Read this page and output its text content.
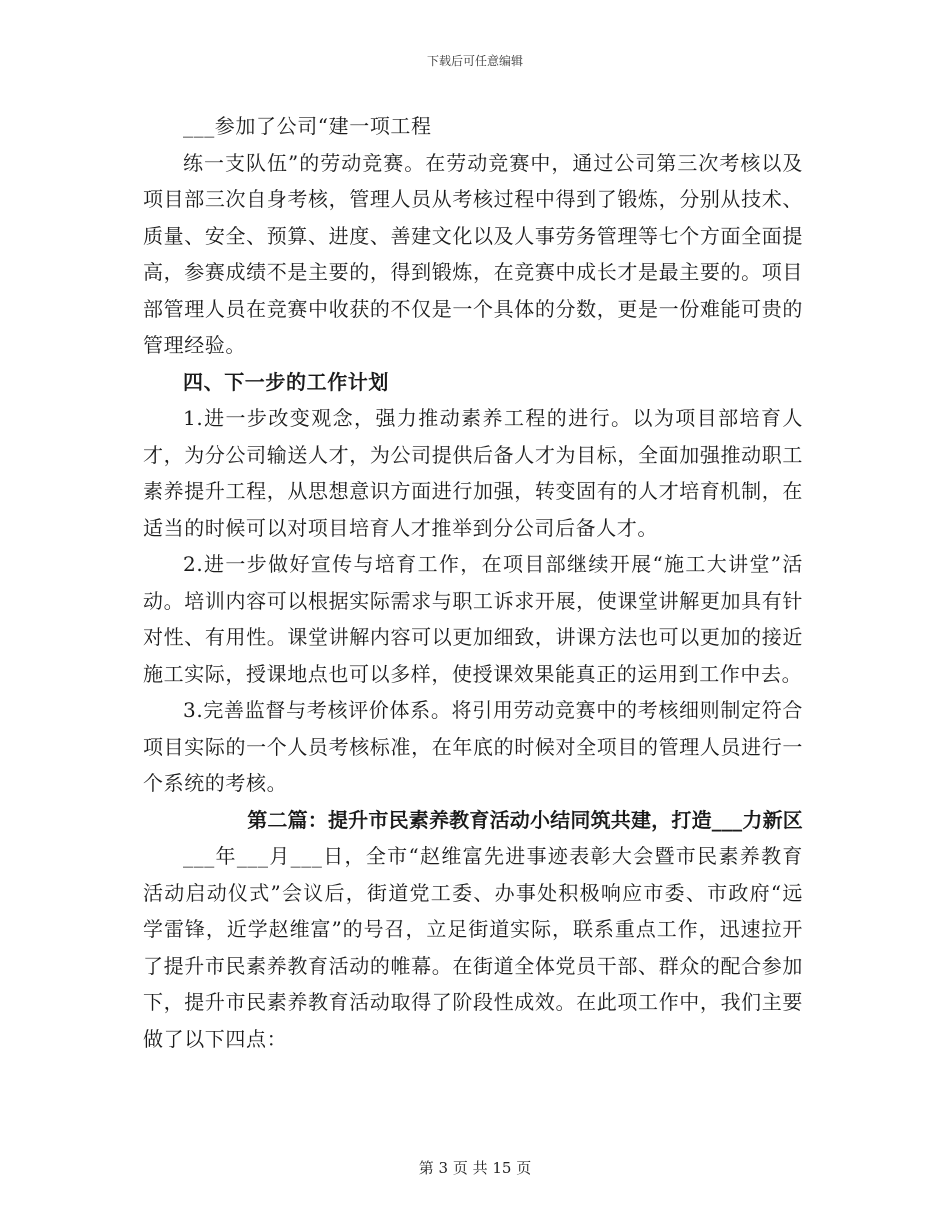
下载后可任意编辑

___参加了公司“建一项工程

练一支队伍”的劳动竞赛。在劳动竞赛中，通过公司第三次考核以及项目部三次自身考核，管理人员从考核过程中得到了锻炼，分别从技术、质量、安全、预算、进度、善建文化以及人事劳务管理等七个方面全面提高，参赛成绩不是主要的，得到锻炼，在竞赛中成长才是最主要的。项目部管理人员在竞赛中收获的不仅是一个具体的分数，更是一份难能可贵的管理经验。

四、下一步的工作计划

1.进一步改变观念，强力推动素养工程的进行。以为项目部培育人才，为分公司输送人才，为公司提供后备人才为目标，全面加强推动职工素养提升工程，从思想意识方面进行加强，转变固有的人才培育机制，在适当的时候可以对项目培育人才推举到分公司后备人才。

2.进一步做好宣传与培育工作，在项目部继续开展“施工大讲堂”活动。培训内容可以根据实际需求与职工诉求开展，使课堂讲解更加具有针对性、有用性。课堂讲解内容可以更加细致，讲课方法也可以更加的接近施工实际，授课地点也可以多样，使授课效果能真正的运用到工作中去。

3.完善监督与考核评价体系。将引用劳动竞赛中的考核细则制定符合项目实际的一个人员考核标准，在年底的时候对全项目的管理人员进行一个系统的考核。

第二篇：提升市民素养教育活动小结同筑共建，打造___力新区

___年___月___日，全市“赵维富先进事迹表彰大会暨市民素养教育活动启动仪式”会议后，街道党工委、办事处积极响应市委、市政府“远学雷锋，近学赵维富”的号召，立足街道实际，联系重点工作，迅速拉开了提升市民素养教育活动的帷幕。在街道全体党员干部、群众的配合参加下，提升市民素养教育活动取得了阶段性成效。在此项工作中，我们主要做了以下四点：

第 3 页 共 15 页
